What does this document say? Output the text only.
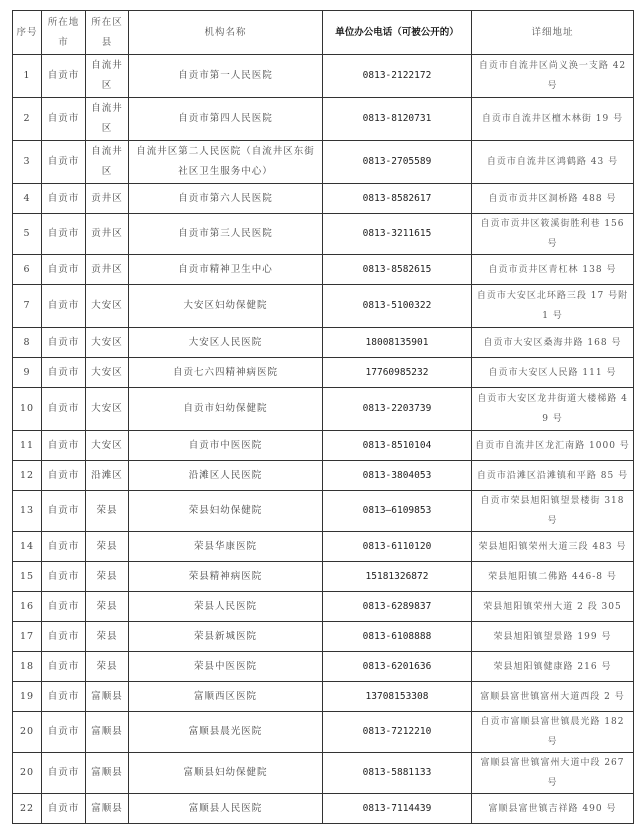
序号	所在地市	所在区县	机构名称	单位办公电话（可被公开的）	详细地址
1	自贡市	自流井区	自贡市第一人民医院	0813-2122172	自贡市自流井区尚义涣一支路 42 号
2	自贡市	自流井区	自贡市第四人民医院	0813-8120731	自贡市自流井区檀木林街 19 号
3	自贡市	自流井区	自流井区第二人民医院（自流井区东街社区卫生服务中心）	0813-2705589	自贡市自流井区鸿鹤路 43 号
4	自贡市	贡井区	自贡市第六人民医院	0813-8582617	自贡市贡井区洞桥路 488 号
5	自贡市	贡井区	自贡市第三人民医院	0813-3211615	自贡市贡井区筱溪街胜利巷 156 号
6	自贡市	贡井区	自贡市精神卫生中心	0813-8582615	自贡市贡井区青杠林 138 号
7	自贡市	大安区	大安区妇幼保健院	0813-5100322	自贡市大安区北环路三段 17 号附 1 号
8	自贡市	大安区	大安区人民医院	18008135901	自贡市大安区桑海井路 168 号
9	自贡市	大安区	自贡七六四精神病医院	17760985232	自贡市大安区人民路 111 号
10	自贡市	大安区	自贡市妇幼保健院	0813-2203739	自贡市大安区龙井街道大楼梯路 49 号
11	自贡市	大安区	自贡市中医医院	0813-8510104	自贡市自流井区龙汇南路 1000 号
12	自贡市	沿滩区	沿滩区人民医院	0813-3804053	自贡市沿滩区沿滩镇和平路 85 号
13	自贡市	荣县	荣县妇幼保健院	0813—6109853	自贡市荣县旭阳镇望景楼街 318 号
14	自贡市	荣县	荣县华康医院	0813-6110120	荣县旭阳镇荣州大道三段 483 号
15	自贡市	荣县	荣县精神病医院	15181326872	荣县旭阳镇二佛路 446-8 号
16	自贡市	荣县	荣县人民医院	0813-6289837	荣县旭阳镇荣州大道 2 段 305
17	自贡市	荣县	荣县新城医院	0813-6108888	荣县旭阳镇望景路 199 号
18	自贡市	荣县	荣县中医医院	0813-6201636	荣县旭阳镇健康路 216 号
19	自贡市	富顺县	富顺西区医院	13708153308	富顺县富世镇富州大道西段 2 号
20	自贡市	富顺县	富顺县晨光医院	0813-7212210	自贡市富顺县富世镇晨光路 182 号
20	自贡市	富顺县	富顺县妇幼保健院	0813-5881133	富顺县富世镇富州大道中段 267 号
22	自贡市	富顺县	富顺县人民医院	0813-7114439	富顺县富世镇吉祥路 490 号
